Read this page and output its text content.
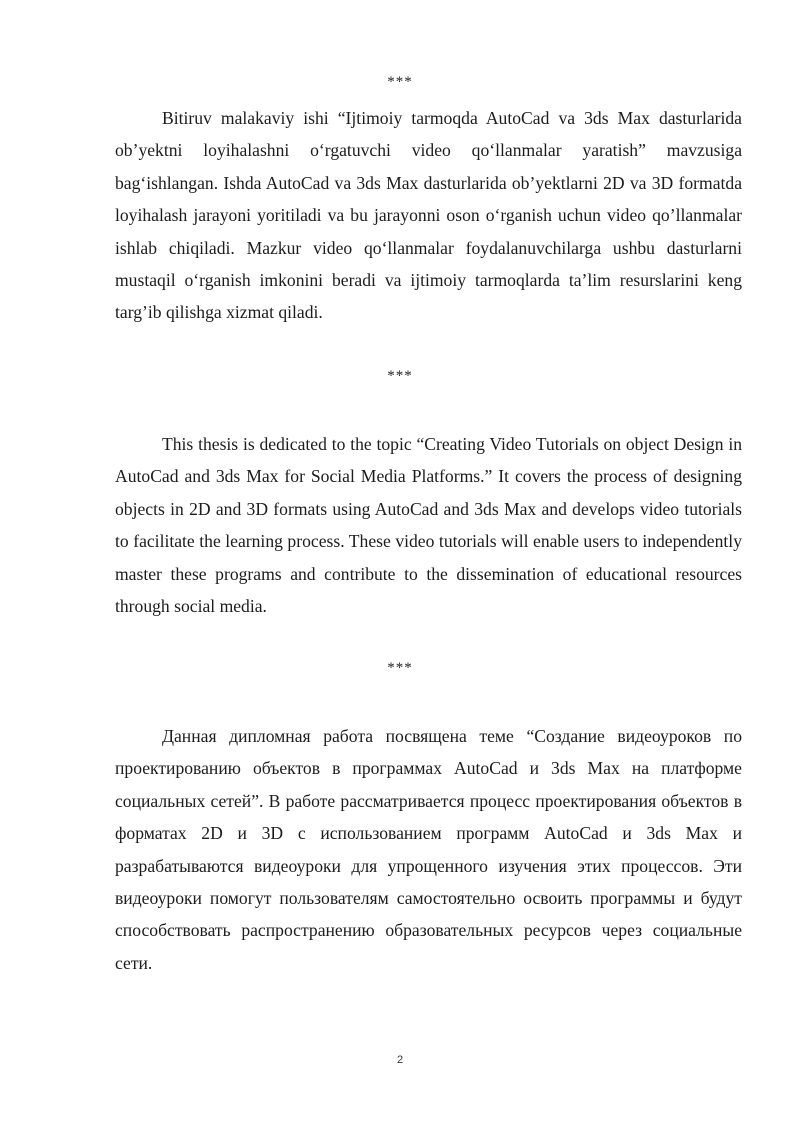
***

Bitiruv malakaviy ishi “Ijtimoiy tarmoqda AutoCad va 3ds Max dasturlarida ob’yektni loyihalashni o‘rgatuvchi video qo‘llanmalar yaratish” mavzusiga bag‘ishlangan. Ishda AutoCad va 3ds Max dasturlarida ob’yektlarni 2D va 3D formatda loyihalash jarayoni yoritiladi va bu jarayonni oson o‘rganish uchun video qo’llanmalar ishlab chiqiladi. Mazkur video qo‘llanmalar foydalanuvchilarga ushbu dasturlarni mustaqil o‘rganish imkonini beradi va ijtimoiy tarmoqlarda ta’lim resurslarini keng targ’ib qilishga xizmat qiladi.

***

This thesis is dedicated to the topic “Creating Video Tutorials on object Design in AutoCad and 3ds Max for Social Media Platforms.” It covers the process of designing objects in 2D and 3D formats using AutoCad and 3ds Max and develops video tutorials to facilitate the learning process. These video tutorials will enable users to independently master these programs and contribute to the dissemination of educational resources through social media.

***

Данная дипломная работа посвящена теме “Создание видеоуроков по проектированию объектов в программах AutoCad и 3ds Max на платформе социальных сетей”. В работе рассматривается процесс проектирования объектов в форматах 2D и 3D с использованием программ AutoCad и 3ds Max и разрабатываются видеоуроки для упрощенного изучения этих процессов. Эти видеоуроки помогут пользователям самостоятельно освоить программы и будут способствовать распространению образовательных ресурсов через социальные сети.

2
